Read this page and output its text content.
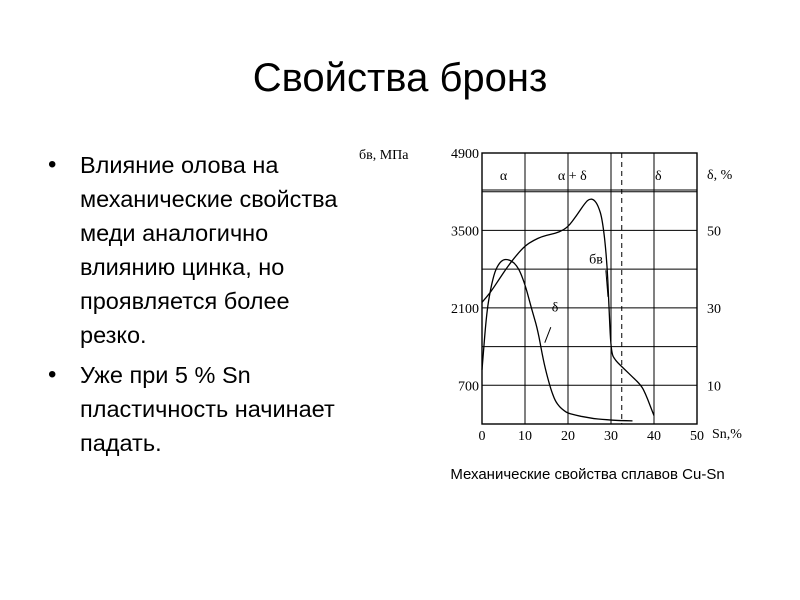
Свойства бронз
• Влияние олова на механические свойства меди аналогично влиянию цинка, но проявляется более резко.
• Уже при 5 % Sn пластичность начинает падать.
α	α + δ	δ
бв, МПа
δ, %
Sn,%
700
2100
3500
4900
10
30
50
0 10 20 30 40 50
бв
δ
Механические свойства сплавов Cu-Sn
